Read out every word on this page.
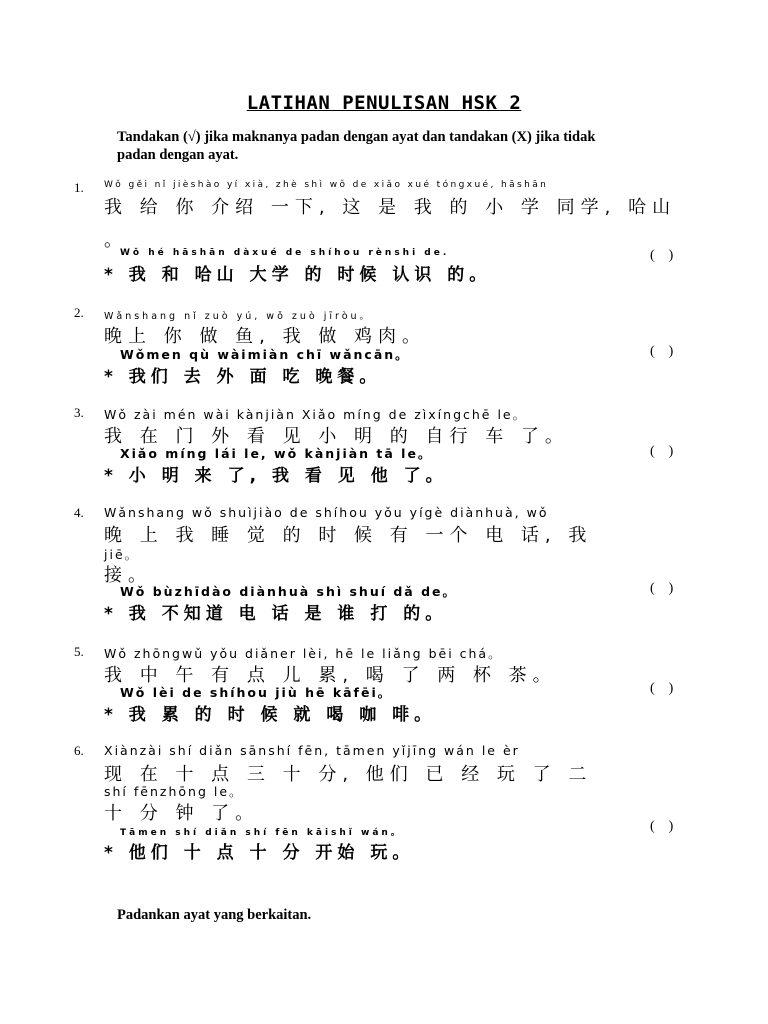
LATIHAN PENULISAN HSK 2
Tandakan (√) jika maknanya padan dengan ayat dan tandakan (X) jika tidak padan dengan ayat.
1. Wǒ gěi nǐ jièshào yí xià, zhè shì wǒ de xiǎo xué tóngxué, hāshān
我 给 你 介绍 一下, 这 是 我 的 小 学 同学, 哈山
。
Wǒ hé hāshān dàxué de shíhou rènshi de.
* 我 和 哈山 大学 的 时候 认识 的。
(    )
2. Wǎnshang nǐ zuò yú, wǒ zuò jīròu。
晚上 你 做 鱼, 我 做 鸡肉。
Wǒmen qù wàimiàn chī wǎncān。
* 我们 去 外 面 吃 晚餐。
(    )
3. Wǒ zài mén wài kànjiàn Xiǎo míng de zìxíngchē le。
我 在 门 外 看 见 小 明 的 自行 车 了。
Xiǎo míng lái le, wǒ kànjiàn tā le。
* 小 明 来 了, 我 看 见 他 了。
(    )
4. Wǎnshang wǒ shuìjiào de shíhou yǒu yígè diànhuà, wǒ
晚 上 我 睡 觉 的 时 候 有 一个 电 话, 我
jiē。
接。
Wǒ bùzhīdào diànhuà shì shuí dǎ de。
* 我 不知道 电 话 是 谁 打 的。
(    )
5. Wǒ zhōngwǔ yǒu diǎner lèi, hē le liǎng bēi chá。
我 中 午 有 点 儿 累, 喝 了 两 杯 茶。
Wǒ lèi de shíhou jiù hē kāfēi。
* 我 累 的 时 候 就 喝 咖 啡。
(    )
6. Xiànzài shí diǎn sānshí fēn, tāmen yǐjīng wán le èr
现 在 十 点 三 十 分, 他们 已 经 玩 了 二
shí fēnzhōng le。
十 分 钟 了。
Tāmen shí diǎn shí fēn kāishǐ wán。
* 他们 十 点 十 分 开始 玩。
(    )
Padankan ayat yang berkaitan.
